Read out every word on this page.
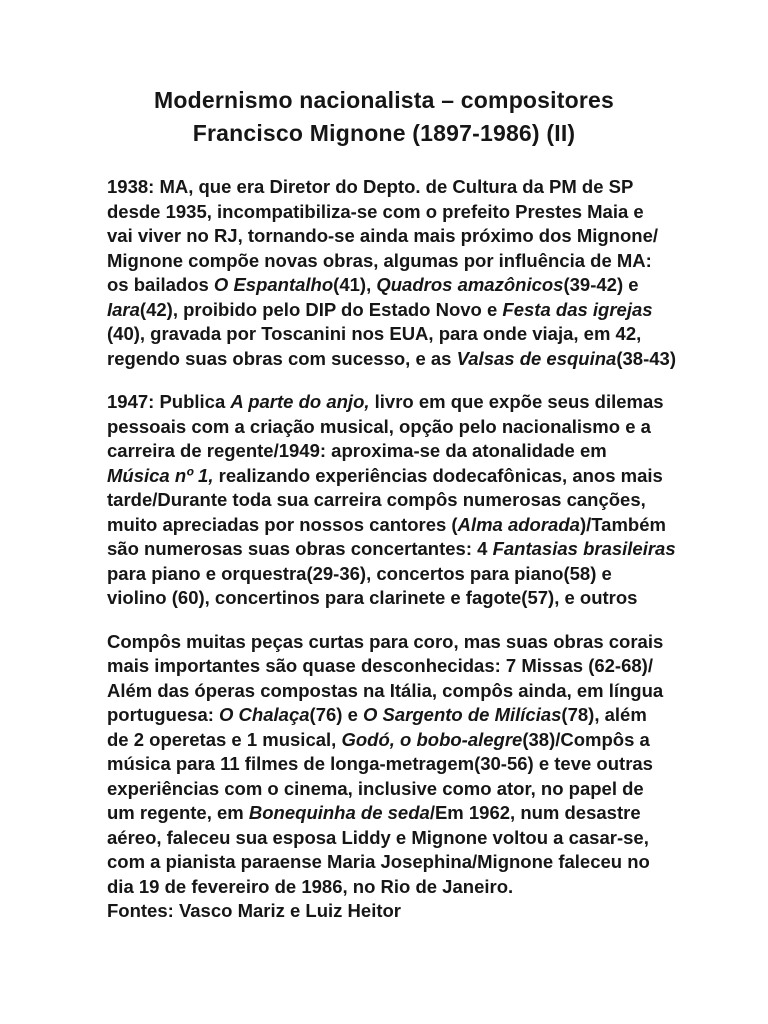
Modernismo nacionalista – compositores
Francisco Mignone (1897-1986) (II)
1938: MA, que era Diretor do Depto. de Cultura da PM de SP
desde 1935, incompatibiliza-se com o prefeito Prestes Maia e
vai viver no RJ, tornando-se ainda mais próximo dos Mignone/
Mignone compõe novas obras, algumas por influência de MA:
os bailados O Espantalho(41), Quadros amazônicos(39-42) e
Iara(42), proibido pelo DIP do Estado Novo e Festa das igrejas
(40), gravada por Toscanini nos EUA, para onde viaja, em 42,
regendo suas obras com sucesso, e as Valsas de esquina(38-43)
1947: Publica A parte do anjo, livro em que expõe seus dilemas
pessoais com a criação musical, opção pelo nacionalismo e a
carreira de regente/1949: aproxima-se da atonalidade em
Música nº 1, realizando experiências dodecafônicas, anos mais
tarde/Durante toda sua carreira compôs numerosas canções,
muito apreciadas por nossos cantores (Alma adorada)/Também
são numerosas suas obras concertantes: 4 Fantasias brasileiras
para piano e orquestra(29-36), concertos para piano(58) e
violino (60), concertinos para clarinete e fagote(57), e outros
Compôs muitas peças curtas para coro, mas suas obras corais
mais importantes são quase desconhecidas: 7 Missas (62-68)/
Além das óperas compostas na Itália, compôs ainda, em língua
portuguesa: O Chalaça(76) e O Sargento de Milícias(78), além
de 2 operetas e 1 musical, Godó, o bobo-alegre(38)/Compôs a
música para 11 filmes de longa-metragem(30-56) e teve outras
experiências com o cinema, inclusive como ator, no papel de
um regente, em Bonequinha de seda/Em 1962, num desastre
aéreo, faleceu sua esposa Liddy e Mignone voltou a casar-se,
com a pianista paraense Maria Josephina/Mignone faleceu no
dia 19 de fevereiro de 1986, no Rio de Janeiro.
Fontes: Vasco Mariz e Luiz Heitor
